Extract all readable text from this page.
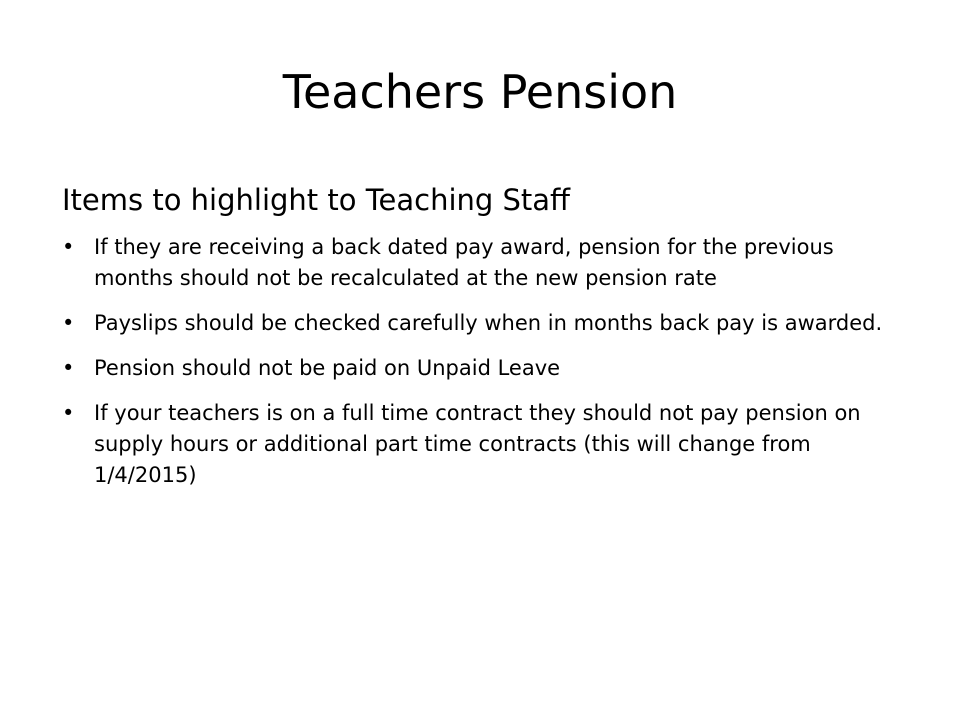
Teachers Pension
Items to highlight to Teaching Staff
• If they are receiving a back dated pay award, pension for the previous months should not be recalculated at the new pension rate
• Payslips should be checked carefully when in months back pay is awarded.
• Pension should not be paid on Unpaid Leave
• If your teachers is on a full time contract they should not pay pension on supply hours or additional part time contracts (this will change from 1/4/2015)
